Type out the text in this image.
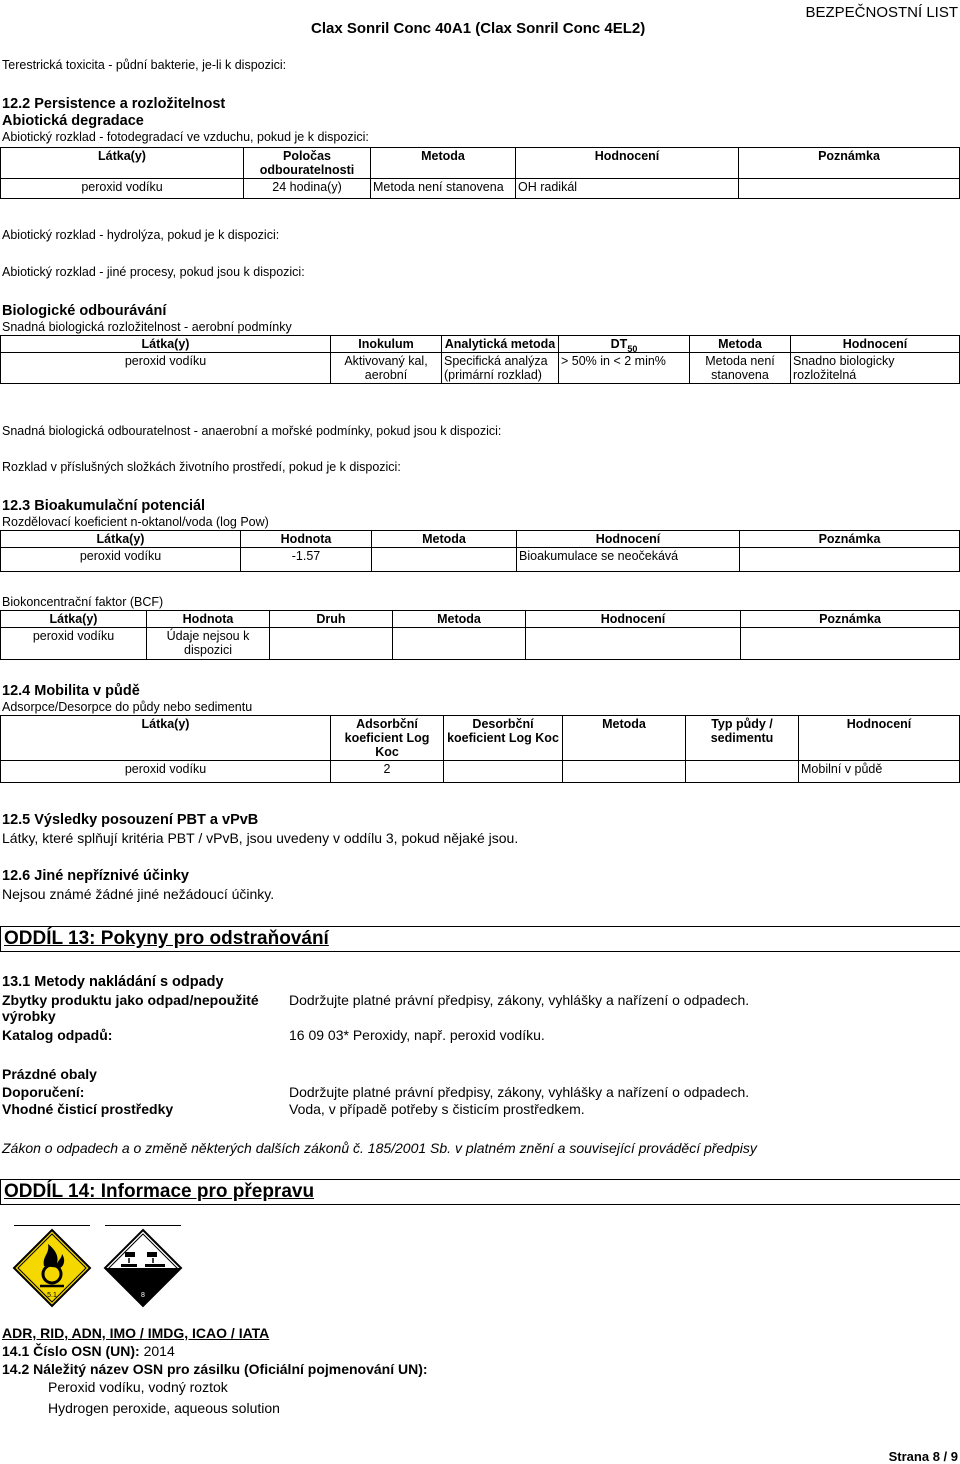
Clax Sonril Conc 40A1 (Clax Sonril Conc 4EL2)
BEZPEČNOSTNÍ LIST
Terestrická toxicita - půdní bakterie, je-li k dispozici:
12.2 Persistence a rozložitelnost
Abiotická degradace
Abiotický rozklad - fotodegradací ve vzduchu, pokud je k dispozici:
Látka(y)	Poločas odbouratelnosti	Metoda	Hodnocení	Poznámka
peroxid vodíku	24 hodina(y)	Metoda není stanovena	OH radikál	
Abiotický rozklad - hydrolýza, pokud je k dispozici:
Abiotický rozklad - jiné procesy, pokud jsou k dispozici:
Biologické odbourávání
Snadná biologická rozložitelnost - aerobní podmínky
Látka(y)	Inokulum	Analytická metoda	$DT_{50}$	Metoda	Hodnocení
peroxid vodíku	Aktivovaný kal, aerobní	Specifická analýza (primární rozklad)	> 50% in < 2 min%	Metoda není stanovena	Snadno biologicky rozložitelná
Snadná biologická odbouratelnost - anaerobní a mořské podmínky, pokud jsou k dispozici:
Rozklad v příslušných složkách životního prostředí, pokud je k dispozici:
12.3 Bioakumulační potenciál
Rozdělovací koeficient n-oktanol/voda (log Pow)
Látka(y)	Hodnota	Metoda	Hodnocení	Poznámka
peroxid vodíku	-1.57		Bioakumulace se neočekává	
Biokoncentrační faktor (BCF)
Látka(y)	Hodnota	Druh	Metoda	Hodnocení	Poznámka
peroxid vodíku	Údaje nejsou k dispozici				
12.4 Mobilita v půdě
Adsorpce/Desorpce do půdy nebo sedimentu
Látka(y)	Adsorbční koeficient Log Koc	Desorbční koeficient Log Koc	Metoda	Typ půdy / sedimentu	Hodnocení
peroxid vodíku	2				Mobilní v půdě
12.5 Výsledky posouzení PBT a vPvB
Látky, které splňují kritéria PBT / vPvB, jsou uvedeny v oddílu 3, pokud nějaké jsou.
12.6 Jiné nepříznivé účinky
Nejsou známé žádné jiné nežádoucí účinky.
ODDÍL 13: Pokyny pro odstraňování
13.1 Metody nakládání s odpady
Zbytky produktu jako odpad/nepoužité výrobky
Dodržujte platné právní předpisy, zákony, vyhlášky a nařízení o odpadech.
Katalog odpadů:	16 09 03* Peroxidy, např. peroxid vodíku.
Prázdné obaly
Doporučení:	Dodržujte platné právní předpisy, zákony, vyhlášky a nařízení o odpadech.
Vhodné čisticí prostředky	Voda, v případě potřeby s čisticím prostředkem.
Zákon o odpadech a o změně některých dalších zákonů č. 185/2001 Sb. v platném znění a související prováděcí předpisy
ODDÍL 14: Informace pro přepravu
5.1	8
ADR, RID, ADN, IMO / IMDG, ICAO / IATA
14.1 Číslo OSN (UN): 2014
14.2 Náležitý název OSN pro zásilku (Oficiální pojmenování UN):
Peroxid vodíku, vodný roztok
Hydrogen peroxide, aqueous solution
Strana 8 / 9
